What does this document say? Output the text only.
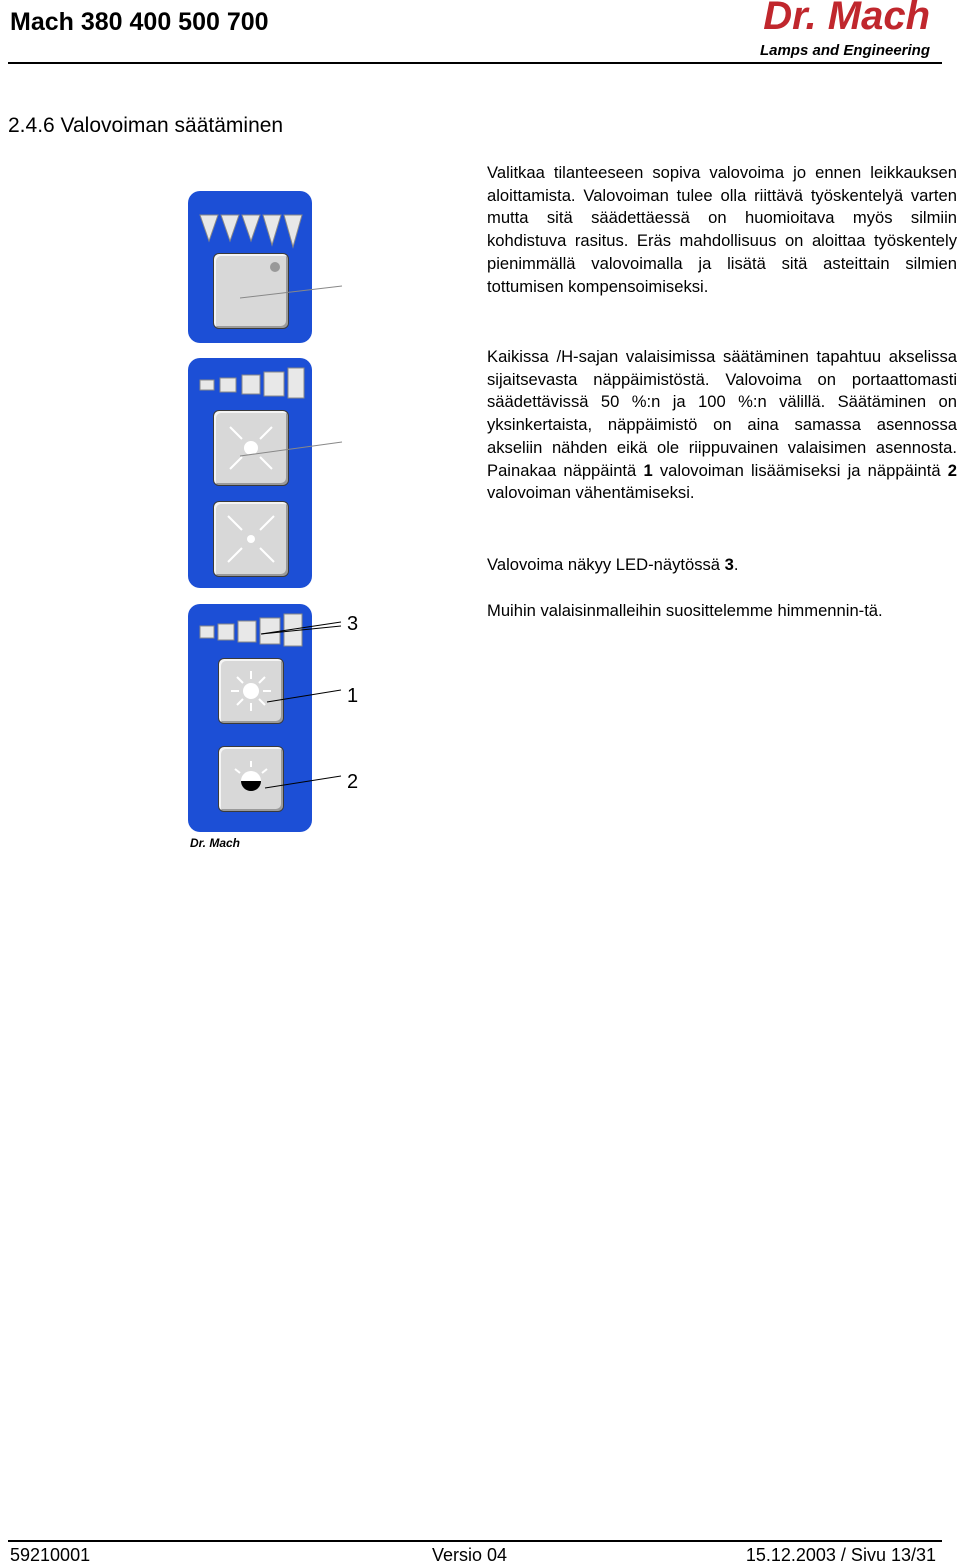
Mach 380 400 500 700	Dr. Mach
Lamps and Engineering
2.4.6 Valovoiman säätäminen
Valitkaa tilanteeseen sopiva valovoima jo ennen leikkauksen aloittamista. Valovoiman tulee olla riittävä työskentelyä varten mutta sitä säädettäessä on huomioitava myös silmiin kohdistuva rasitus. Eräs mahdollisuus on aloittaa työskentely pienimmällä valovoimalla ja lisätä sitä asteittain silmien tottumisen kompensoimiseksi.
Kaikissa /H-sajan valaisimissa säätäminen tapahtuu akselissa sijaitsevasta näppäimistöstä. Valovoima on portaattomasti säädettävissä 50 %:n ja 100 %:n välillä. Säätäminen on yksinkertaista, näppäimistö on aina samassa asennossa akseliin nähden eikä ole riippuvainen valaisimen asennosta. Painakaa näppäintä 1 valovoiman lisäämiseksi ja näppäintä 2 valovoiman vähentämiseksi.
Valovoima näkyy LED-näytössä 3.
Muihin valaisinmalleihin suosittelemme himmennin-tä.
3
1
2
Dr. Mach
59210001	Versio 04	15.12.2003 / Sivu 13/31
